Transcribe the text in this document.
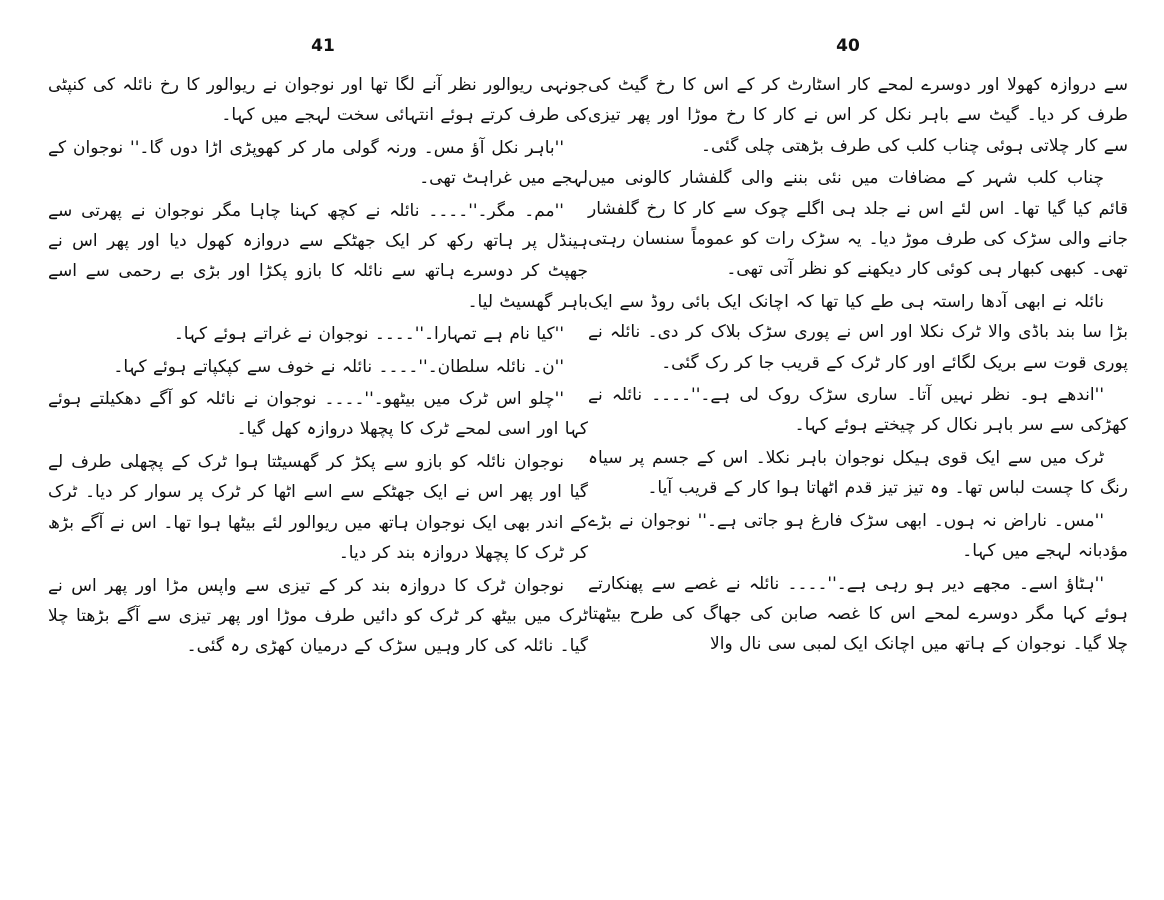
41

جونہی ریوالور نظر آنے لگا تھا اور نوجوان نے ریوالور کا رخ نائلہ کی کنپٹی کی طرف کرتے ہوئے انتہائی سخت لہجے میں کہا۔

''باہر نکل آؤ مس۔ ورنہ گولی مار کر کھوپڑی اڑا دوں گا۔'' نوجوان کے لہجے میں غراہٹ تھی۔

''مم۔ مگر۔''۔۔۔۔ نائلہ نے کچھ کہنا چاہا مگر نوجوان نے پھرتی سے ہینڈل پر ہاتھ رکھ کر ایک جھٹکے سے دروازہ کھول دیا اور پھر اس نے جھپٹ کر دوسرے ہاتھ سے نائلہ کا بازو پکڑا اور بڑی بے رحمی سے اسے باہر گھسیٹ لیا۔

''کیا نام ہے تمہارا۔''۔۔۔۔ نوجوان نے غراتے ہوئے کہا۔

''ن۔ نائلہ سلطان۔''۔۔۔۔ نائلہ نے خوف سے کپکپاتے ہوئے کہا۔

''چلو اس ٹرک میں بیٹھو۔''۔۔۔۔ نوجوان نے نائلہ کو آگے دھکیلتے ہوئے کہا اور اسی لمحے ٹرک کا پچھلا دروازہ کھل گیا۔

نوجوان نائلہ کو بازو سے پکڑ کر گھسیٹتا ہوا ٹرک کے پچھلی طرف لے گیا اور پھر اس نے ایک جھٹکے سے اسے اٹھا کر ٹرک پر سوار کر دیا۔ ٹرک کے اندر بھی ایک نوجوان ہاتھ میں ریوالور لئے بیٹھا ہوا تھا۔ اس نے آگے بڑھ کر ٹرک کا پچھلا دروازہ بند کر دیا۔

نوجوان ٹرک کا دروازہ بند کر کے تیزی سے واپس مڑا اور پھر اس نے ٹرک میں بیٹھ کر ٹرک کو دائیں طرف موڑا اور پھر تیزی سے آگے بڑھتا چلا گیا۔ نائلہ کی کار وہیں سڑک کے درمیان کھڑی رہ گئی۔

40

سے دروازہ کھولا اور دوسرے لمحے کار اسٹارٹ کر کے اس کا رخ گیٹ کی طرف کر دیا۔ گیٹ سے باہر نکل کر اس نے کار کا رخ موڑا اور پھر تیزی سے کار چلاتی ہوئی چناب کلب کی طرف بڑھتی چلی گئی۔

چناب کلب شہر کے مضافات میں نئی بننے والی گلفشار کالونی میں قائم کیا گیا تھا۔ اس لئے اس نے جلد ہی اگلے چوک سے کار کا رخ گلفشار جانے والی سڑک کی طرف موڑ دیا۔ یہ سڑک رات کو عموماً سنسان رہتی تھی۔ کبھی کبھار ہی کوئی کار دیکھنے کو نظر آتی تھی۔

نائلہ نے ابھی آدھا راستہ ہی طے کیا تھا کہ اچانک ایک بائی روڈ سے ایک بڑا سا بند باڈی والا ٹرک نکلا اور اس نے پوری سڑک بلاک کر دی۔ نائلہ نے پوری قوت سے بریک لگائے اور کار ٹرک کے قریب جا کر رک گئی۔

''اندھے ہو۔ نظر نہیں آتا۔ ساری سڑک روک لی ہے۔''۔۔۔۔ نائلہ نے کھڑکی سے سر باہر نکال کر چیختے ہوئے کہا۔

ٹرک میں سے ایک قوی ہیکل نوجوان باہر نکلا۔ اس کے جسم پر سیاہ رنگ کا چست لباس تھا۔ وہ تیز تیز قدم اٹھاتا ہوا کار کے قریب آیا۔

''مس۔ ناراض نہ ہوں۔ ابھی سڑک فارغ ہو جاتی ہے۔'' نوجوان نے بڑے مؤدبانہ لہجے میں کہا۔

''ہٹاؤ اسے۔ مجھے دیر ہو رہی ہے۔''۔۔۔۔ نائلہ نے غصے سے پھنکارتے ہوئے کہا مگر دوسرے لمحے اس کا غصہ صابن کی جھاگ کی طرح بیٹھتا چلا گیا۔ نوجوان کے ہاتھ میں اچانک ایک لمبی سی نال والا
